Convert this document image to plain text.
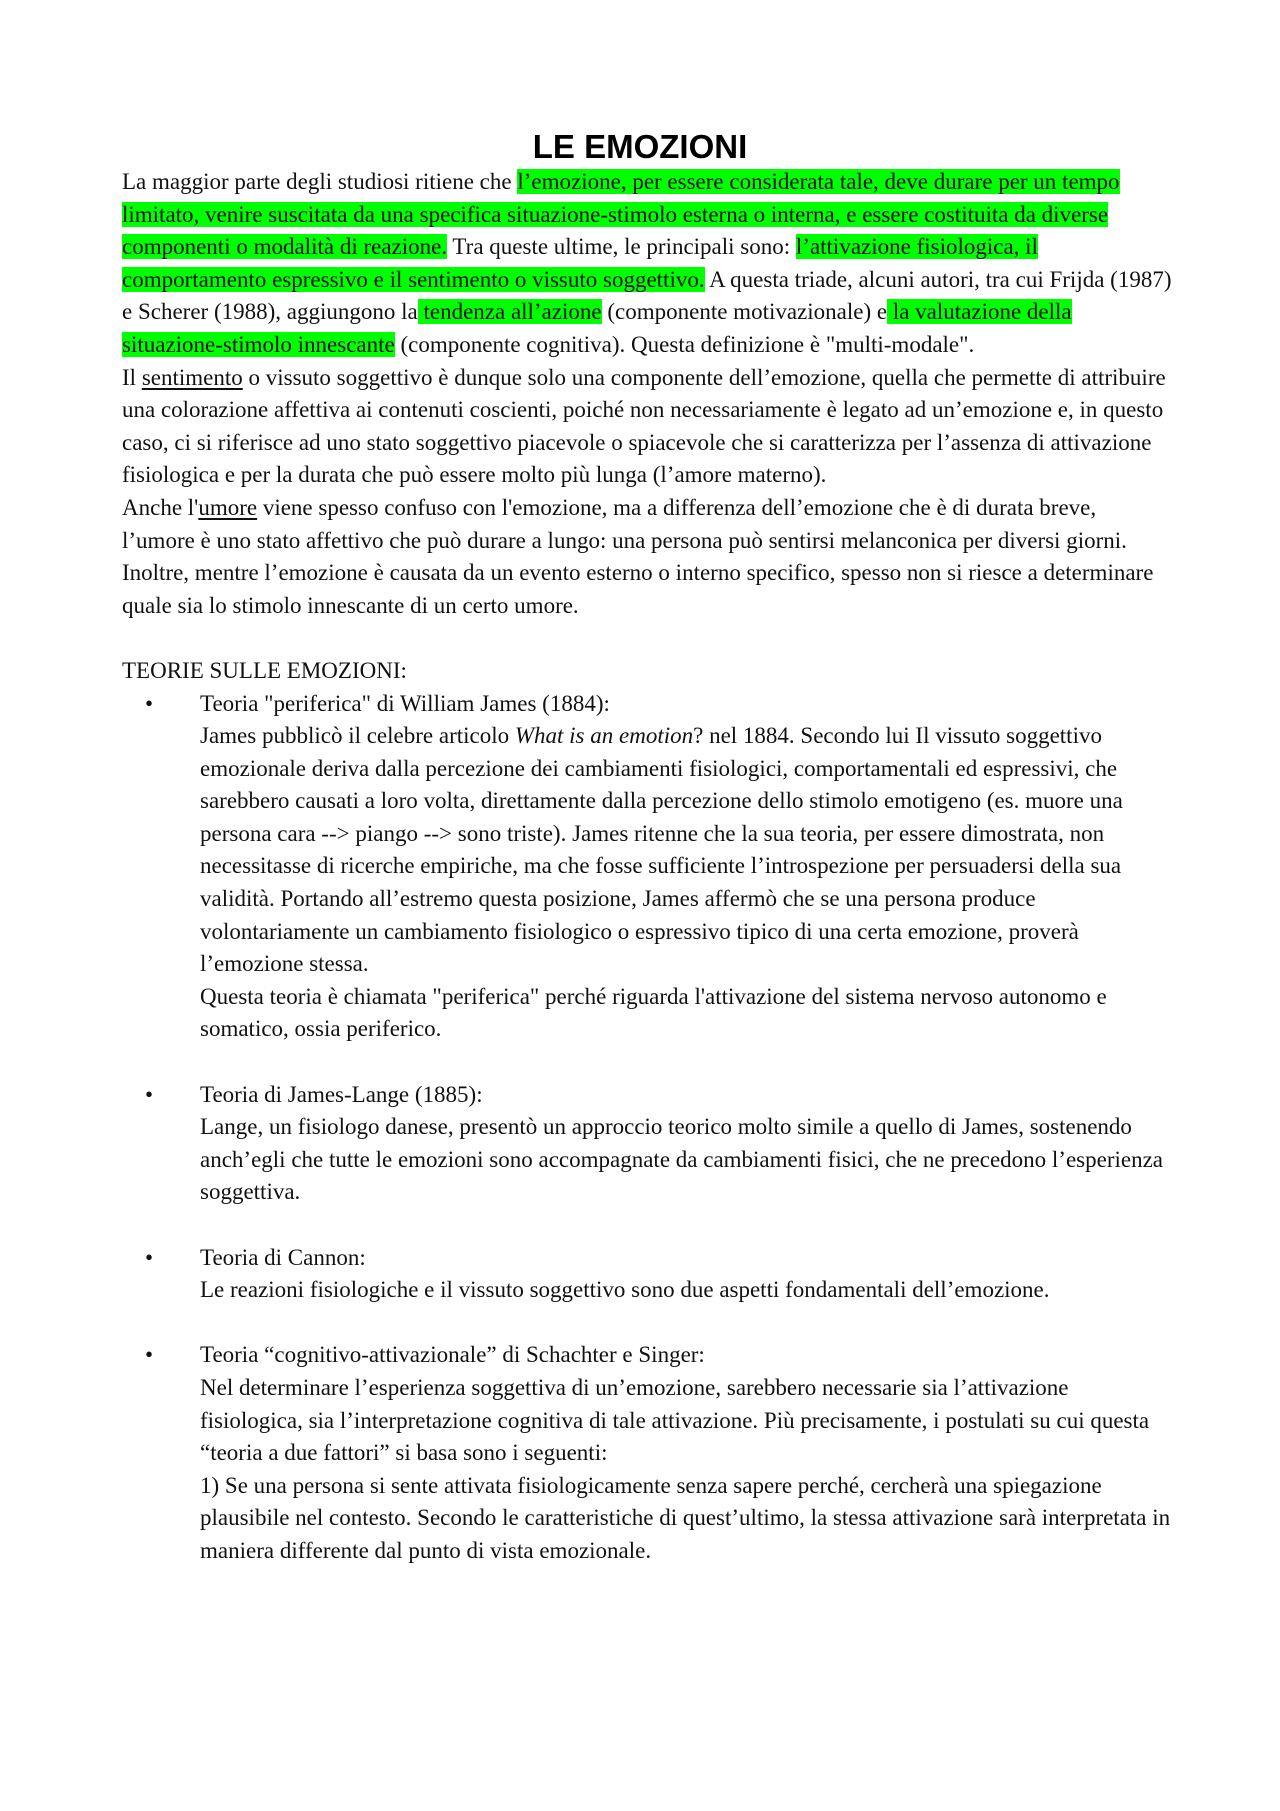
LE EMOZIONI

La maggior parte degli studiosi ritiene che l’emozione, per essere considerata tale, deve durare per un tempo limitato, venire suscitata da una specifica situazione-stimolo esterna o interna, e essere costituita da diverse componenti o modalità di reazione. Tra queste ultime, le principali sono: l’attivazione fisiologica, il comportamento espressivo e il sentimento o vissuto soggettivo. A questa triade, alcuni autori, tra cui Frijda (1987) e Scherer (1988), aggiungono la tendenza all’azione (componente motivazionale) e la valutazione della situazione-stimolo innescante (componente cognitiva). Questa definizione è "multi-modale".

Il sentimento o vissuto soggettivo è dunque solo una componente dell’emozione, quella che permette di attribuire una colorazione affettiva ai contenuti coscienti, poiché non necessariamente è legato ad un’emozione e, in questo caso, ci si riferisce ad uno stato soggettivo piacevole o spiacevole che si caratterizza per l’assenza di attivazione fisiologica e per la durata che può essere molto più lunga (l’amore materno).

Anche l'umore viene spesso confuso con l'emozione, ma a differenza dell’emozione che è di durata breve, l’umore è uno stato affettivo che può durare a lungo: una persona può sentirsi melanconica per diversi giorni. Inoltre, mentre l’emozione è causata da un evento esterno o interno specifico, spesso non si riesce a determinare quale sia lo stimolo innescante di un certo umore.

TEORIE SULLE EMOZIONI:

• Teoria "periferica" di William James (1884):
James pubblicò il celebre articolo What is an emotion? nel 1884. Secondo lui Il vissuto soggettivo emozionale deriva dalla percezione dei cambiamenti fisiologici, comportamentali ed espressivi, che sarebbero causati a loro volta, direttamente dalla percezione dello stimolo emotigeno (es. muore una persona cara --> piango --> sono triste). James ritenne che la sua teoria, per essere dimostrata, non necessitasse di ricerche empiriche, ma che fosse sufficiente l’introspezione per persuadersi della sua validità. Portando all’estremo questa posizione, James affermò che se una persona produce volontariamente un cambiamento fisiologico o espressivo tipico di una certa emozione, proverà l’emozione stessa.
Questa teoria è chiamata "periferica" perché riguarda l'attivazione del sistema nervoso autonomo e somatico, ossia periferico.
• Teoria di James-Lange (1885):
Lange, un fisiologo danese, presentò un approccio teorico molto simile a quello di James, sostenendo anch’egli che tutte le emozioni sono accompagnate da cambiamenti fisici, che ne precedono l’esperienza soggettiva.
• Teoria di Cannon:
Le reazioni fisiologiche e il vissuto soggettivo sono due aspetti fondamentali dell’emozione.
• Teoria “cognitivo-attivazionale” di Schachter e Singer:
Nel determinare l’esperienza soggettiva di un’emozione, sarebbero necessarie sia l’attivazione fisiologica, sia l’interpretazione cognitiva di tale attivazione. Più precisamente, i postulati su cui questa “teoria a due fattori” si basa sono i seguenti:
1) Se una persona si sente attivata fisiologicamente senza sapere perché, cercherà una spiegazione plausibile nel contesto. Secondo le caratteristiche di quest’ultimo, la stessa attivazione sarà interpretata in maniera differente dal punto di vista emozionale.
